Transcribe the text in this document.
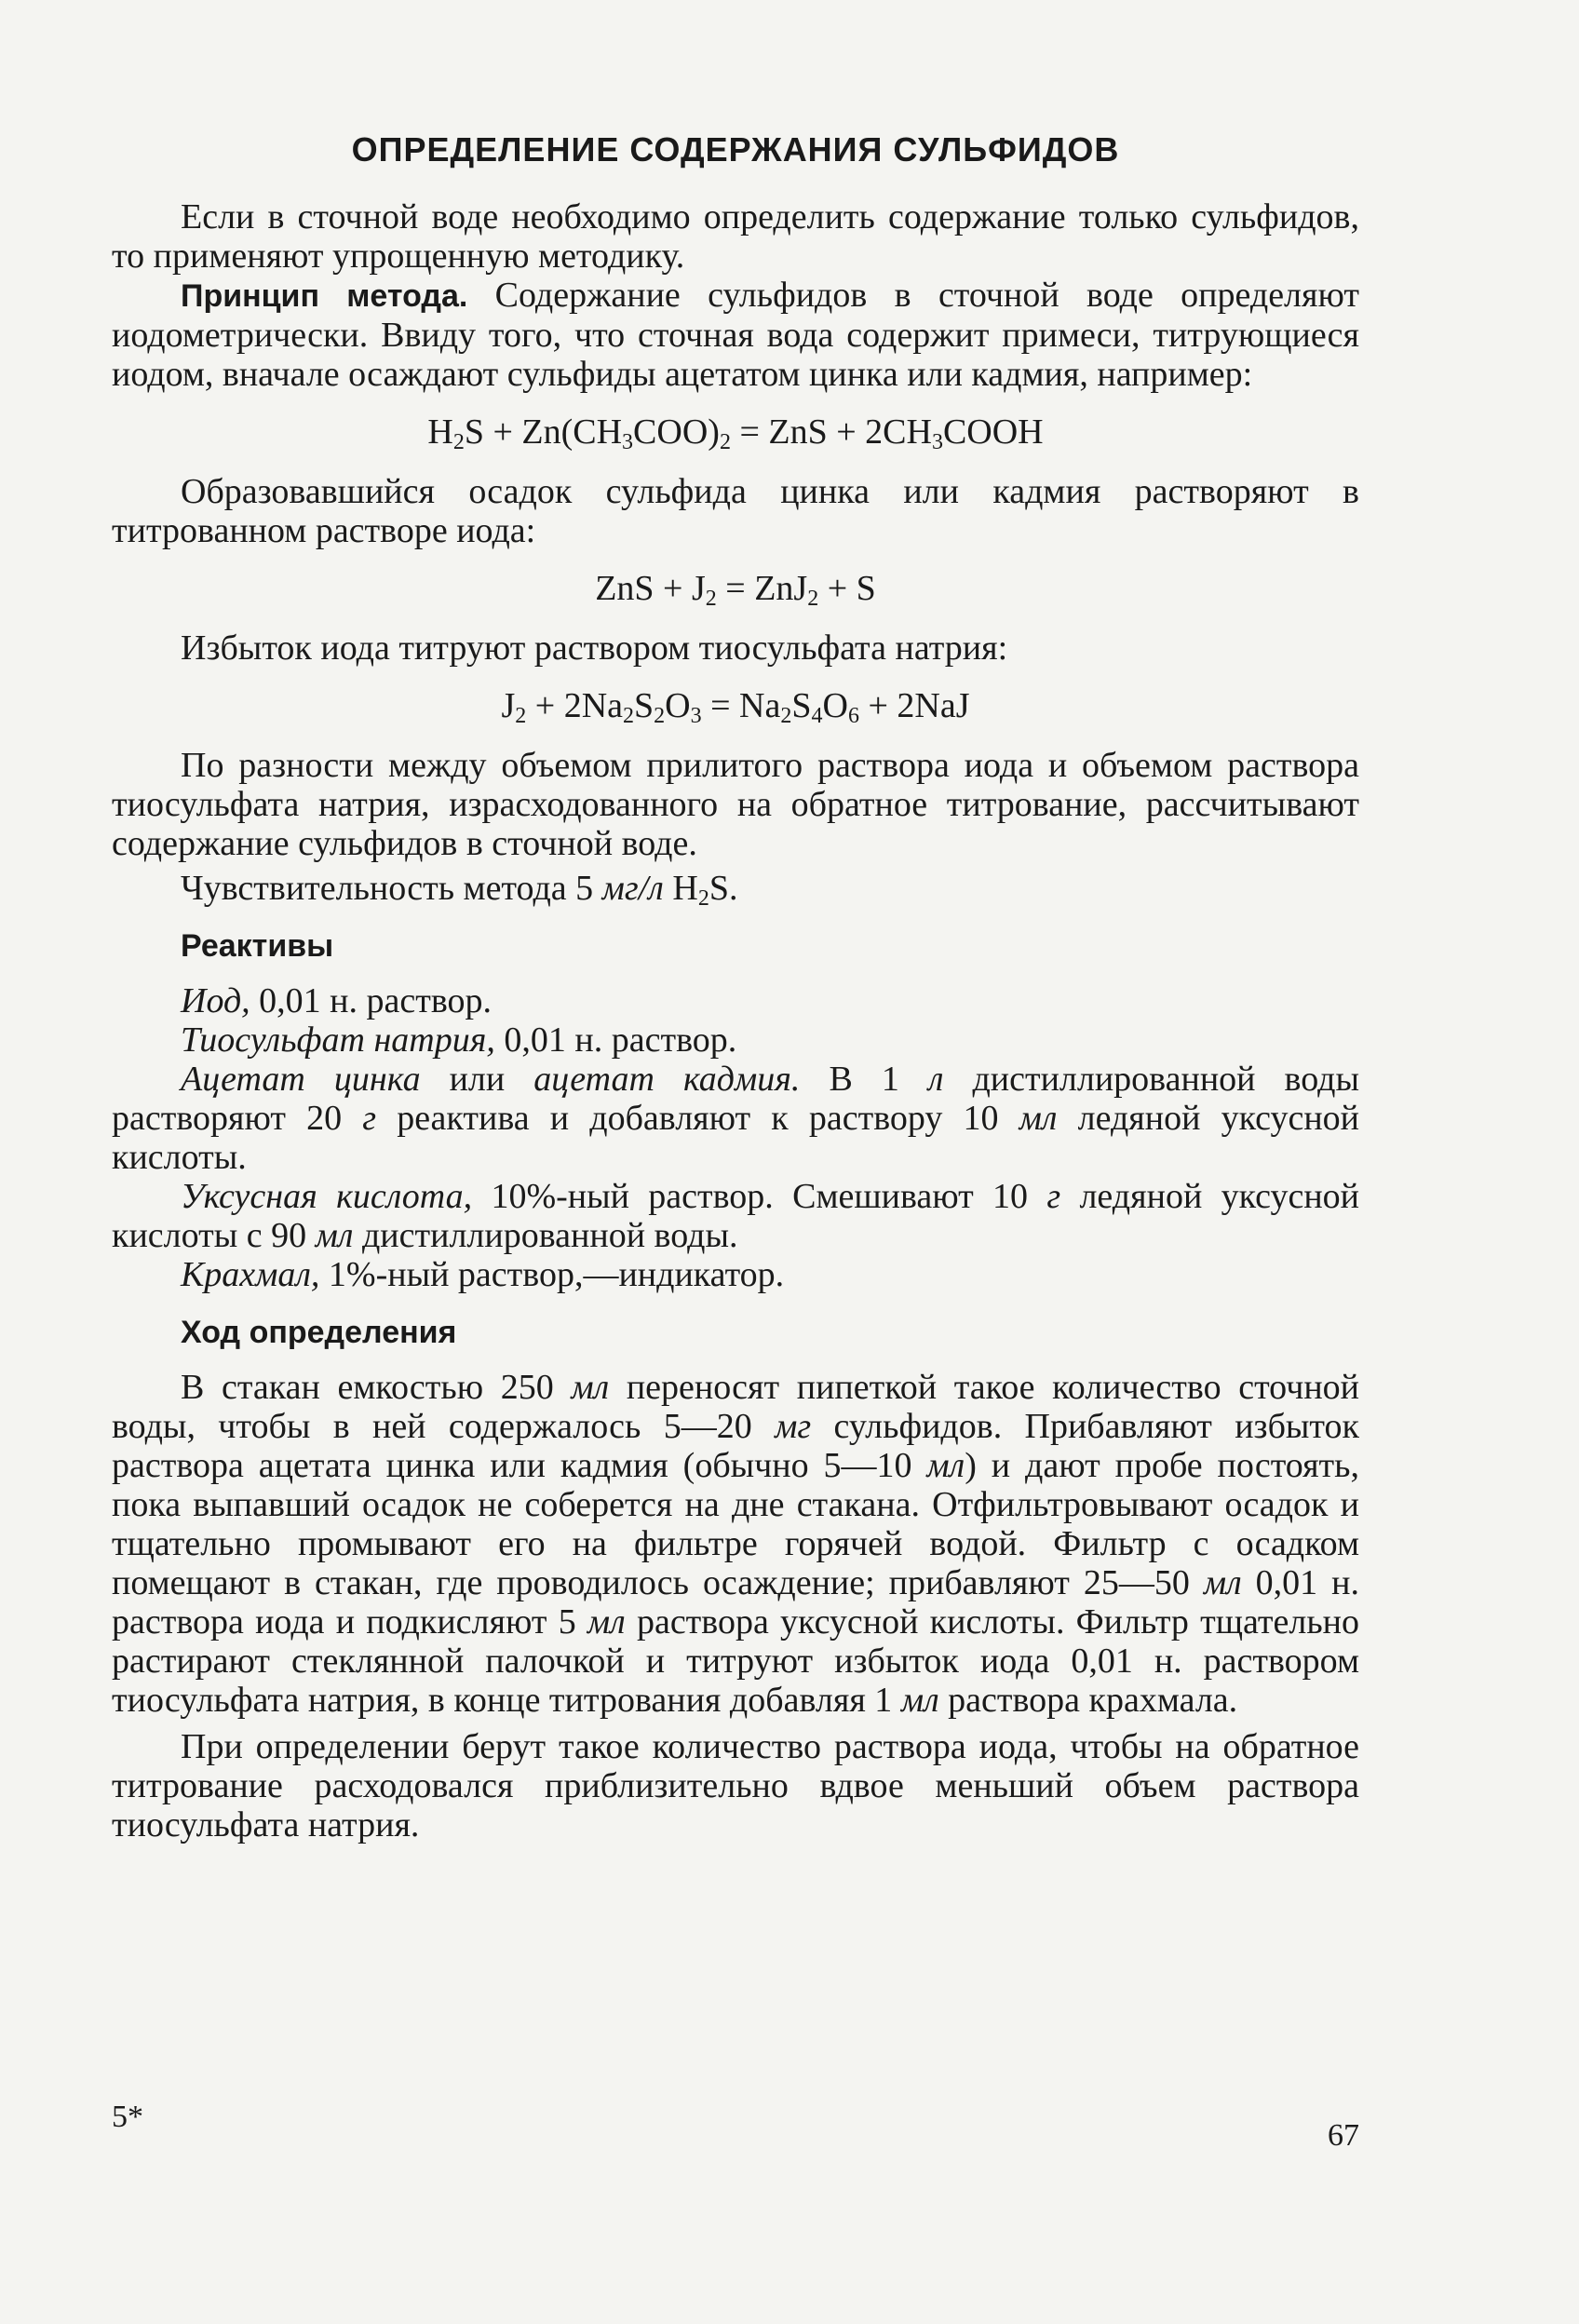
ОПРЕДЕЛЕНИЕ СОДЕРЖАНИЯ СУЛЬФИДОВ

Если в сточной воде необходимо определить содержание только сульфидов, то применяют упрощенную методику.

Принцип метода. Содержание сульфидов в сточной воде определяют иодометрически. Ввиду того, что сточная вода содержит примеси, титрующиеся иодом, вначале осаждают сульфиды ацетатом цинка или кадмия, например:

$H_2S + Zn(CH_3COO)_2$ = ZnS + $2CH_3COOH$

Образовавшийся осадок сульфида цинка или кадмия растворяют в титрованном растворе иода:

ZnS + $J_2 = ZnJ_2 + S$

Избыток иода титруют раствором тиосульфата натрия:

$J_2 + 2Na_2S_2O_3 = Na_2S_4O_6 + 2NaJ$

По разности между объемом прилитого раствора иода и объемом раствора тиосульфата натрия, израсходованного на обратное титрование, рассчитывают содержание сульфидов в сточной воде.

Чувствительность метода 5 мг/л $H_2S$.

Реактивы

Иод, 0,01 н. раствор.

Тиосульфат натрия, 0,01 н. раствор.

Ацетат цинка или ацетат кадмия. В 1 л дистиллированной воды растворяют 20 г реактива и добавляют к раствору 10 мл ледяной уксусной кислоты.

Уксусная кислота, 10%-ный раствор. Смешивают 10 г ледяной уксусной кислоты с 90 мл дистиллированной воды.

Крахмал, 1%-ный раствор,—индикатор.

Ход определения

В стакан емкостью 250 мл переносят пипеткой такое количество сточной воды, чтобы в ней содержалось 5—20 мг сульфидов. Прибавляют избыток раствора ацетата цинка или кадмия (обычно 5—10 мл) и дают пробе постоять, пока выпавший осадок не соберется на дне стакана. Отфильтровывают осадок и тщательно промывают его на фильтре горячей водой. Фильтр с осадком помещают в стакан, где проводилось осаждение; прибавляют 25—50 мл 0,01 н. раствора иода и подкисляют 5 мл раствора уксусной кислоты. Фильтр тщательно растирают стеклянной палочкой и титруют избыток иода 0,01 н. раствором тиосульфата натрия, в конце титрования добавляя 1 мл раствора крахмала.

При определении берут такое количество раствора иода, чтобы на обратное титрование расходовался приблизительно вдвое меньший объем раствора тиосульфата натрия.

5*
67
